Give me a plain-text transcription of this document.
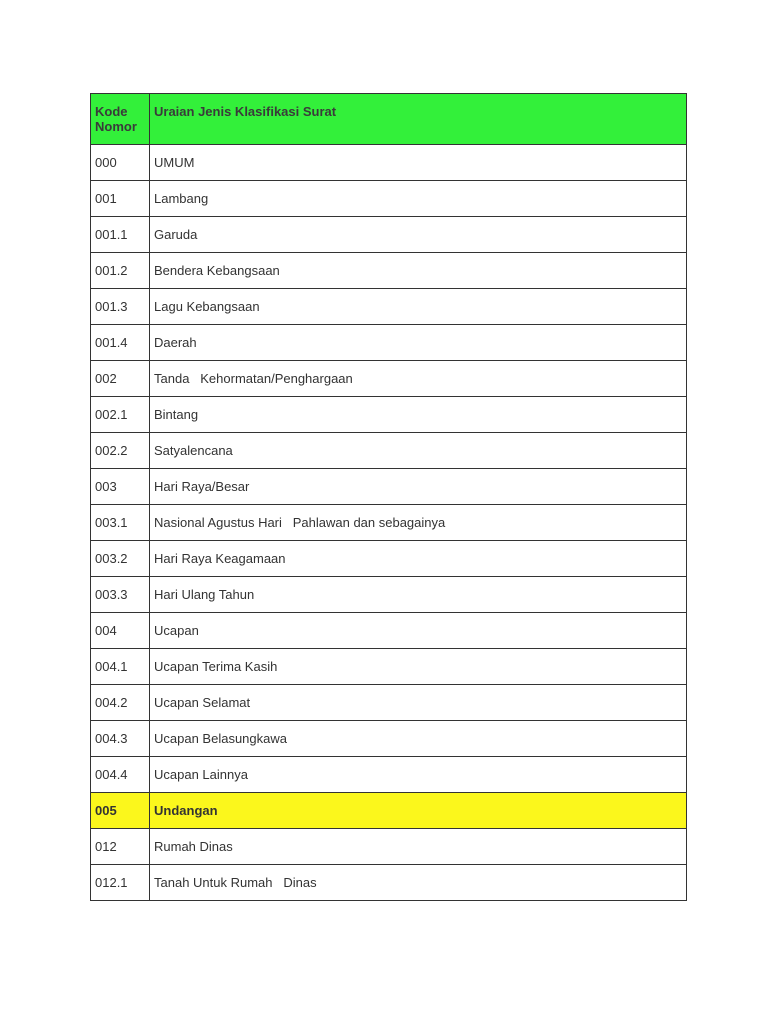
Kode Nomor	Uraian Jenis Klasifikasi Surat
000	UMUM
001	Lambang
001.1	Garuda
001.2	Bendera Kebangsaan
001.3	Lagu Kebangsaan
001.4	Daerah
002	Tanda   Kehormatan/Penghargaan
002.1	Bintang
002.2	Satyalencana
003	Hari Raya/Besar
003.1	Nasional Agustus Hari   Pahlawan dan sebagainya
003.2	Hari Raya Keagamaan
003.3	Hari Ulang Tahun
004	Ucapan
004.1	Ucapan Terima Kasih
004.2	Ucapan Selamat
004.3	Ucapan Belasungkawa
004.4	Ucapan Lainnya
005	Undangan
012	Rumah Dinas
012.1	Tanah Untuk Rumah   Dinas
